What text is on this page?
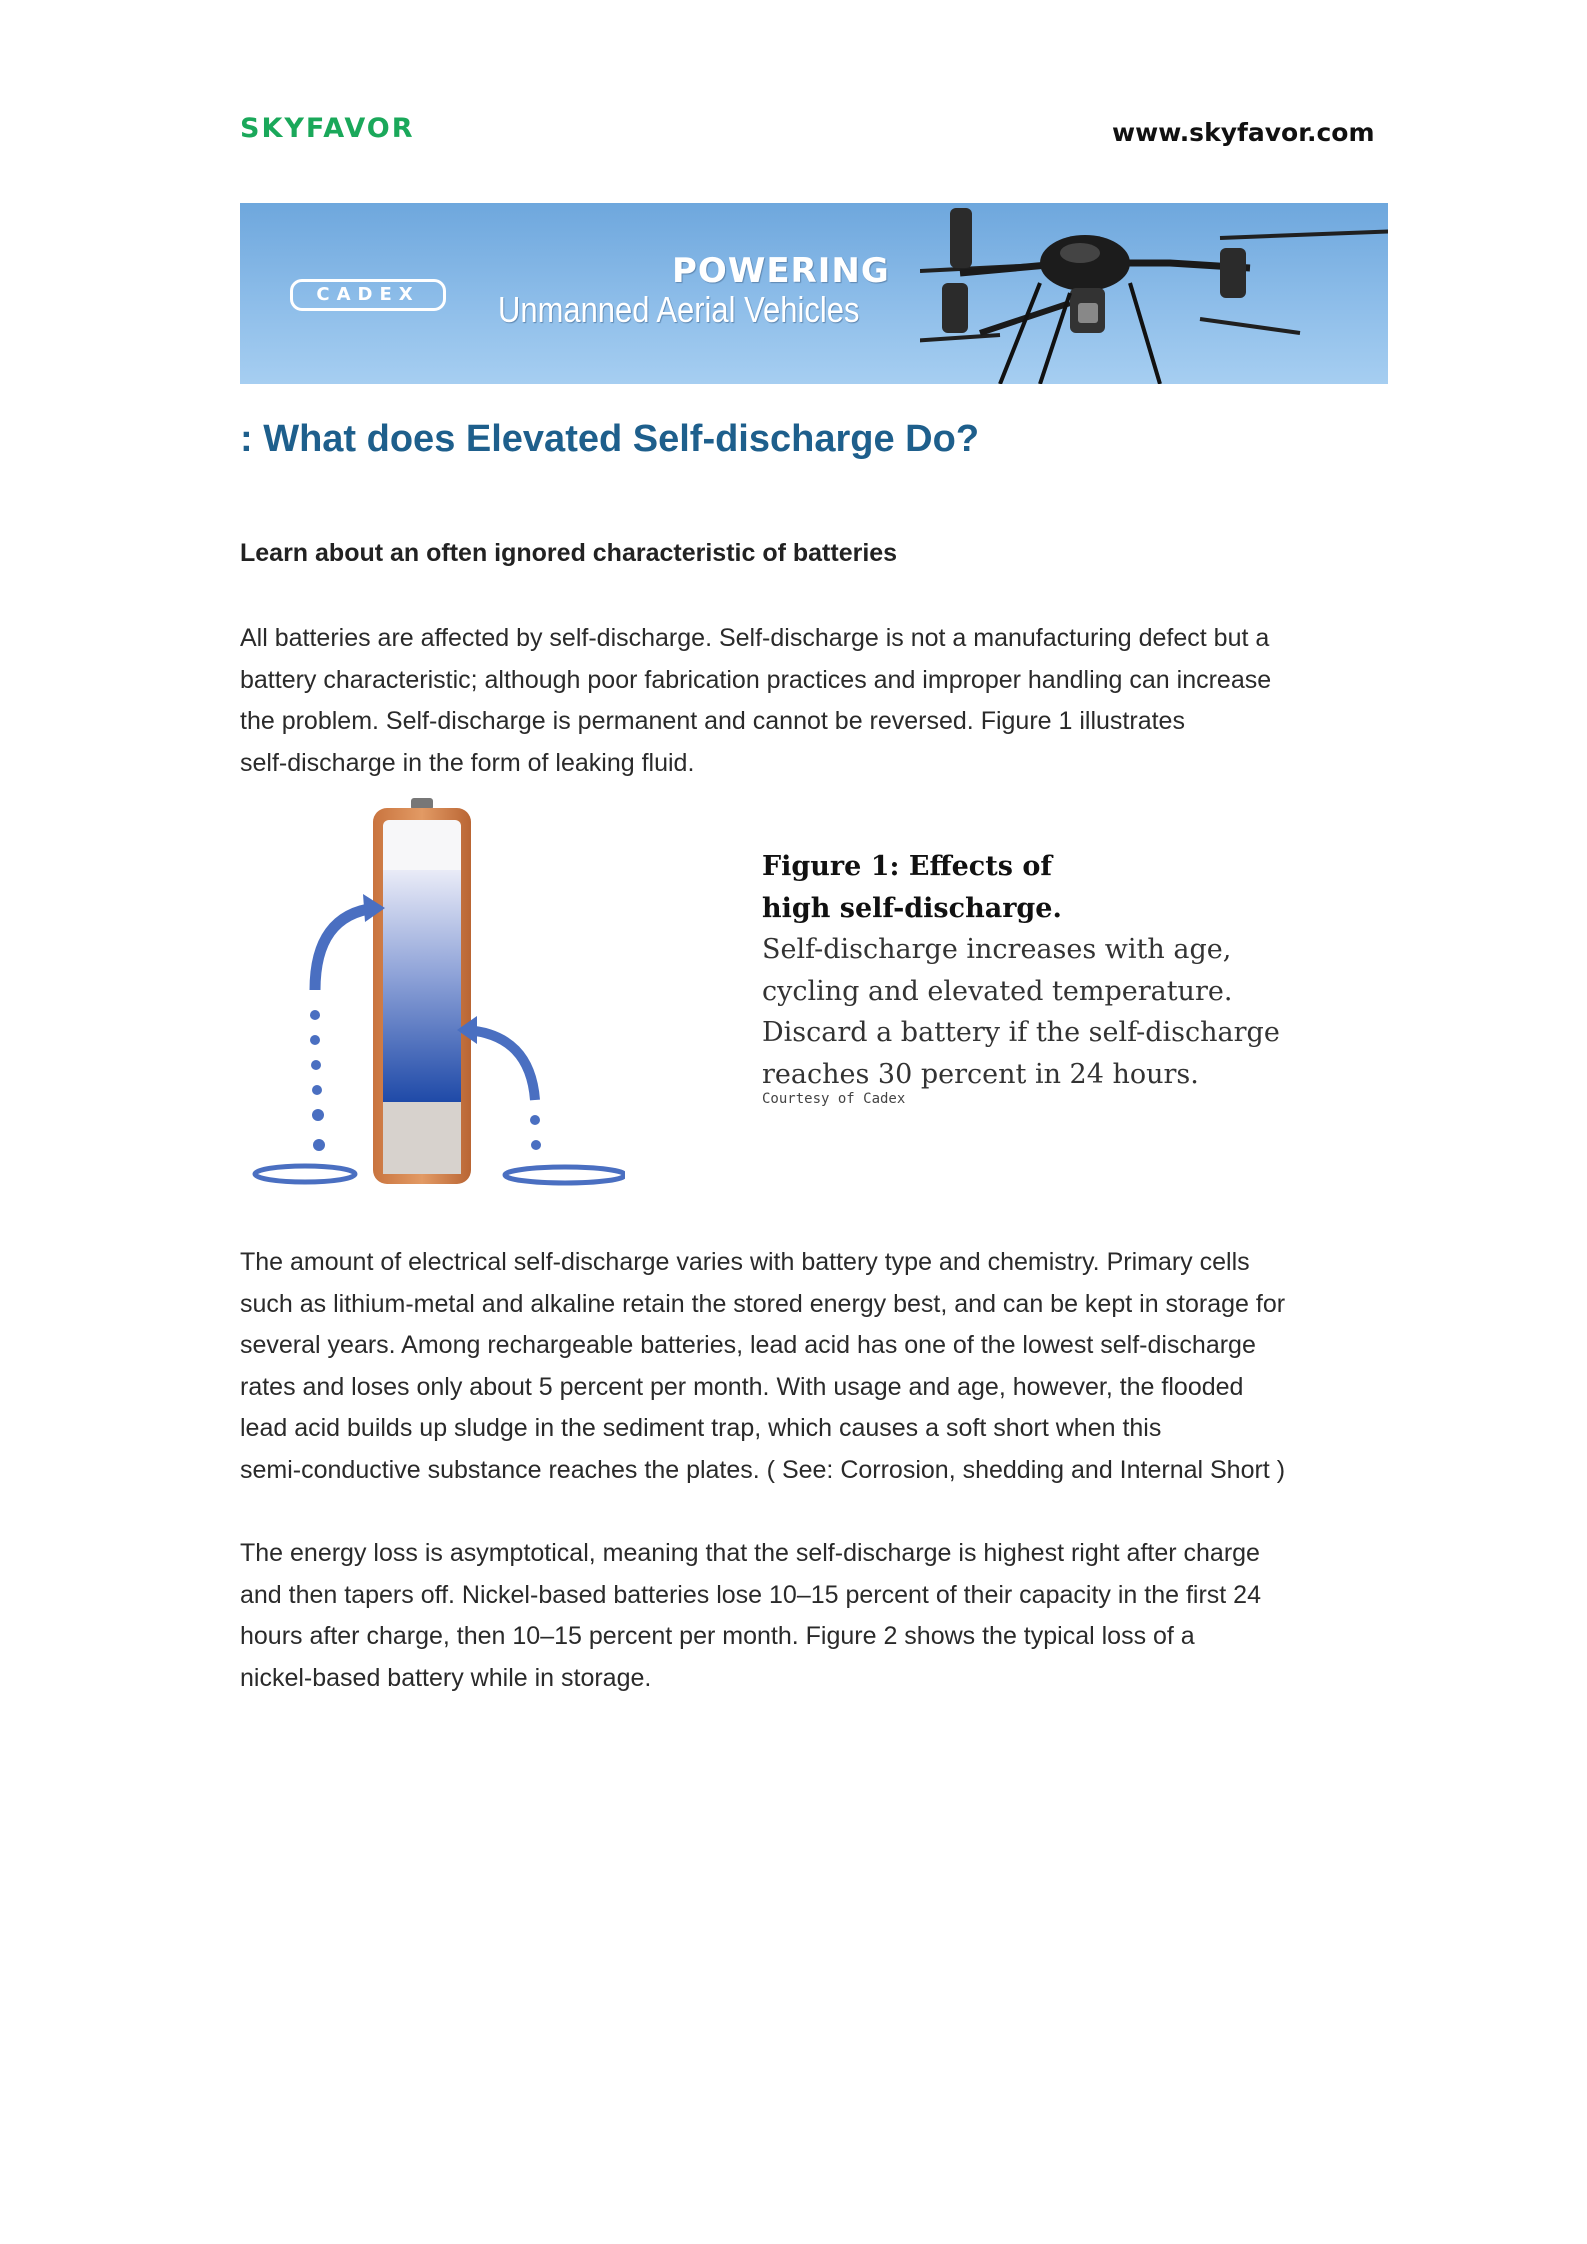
SKYFAVOR	www.skyfavor.com
CADEX
POWERING
Unmanned Aerial Vehicles
: What does Elevated Self-discharge Do?
Learn about an often ignored characteristic of batteries
All batteries are affected by self-discharge. Self-discharge is not a manufacturing defect but a
battery characteristic; although poor fabrication practices and improper handling can increase
the problem. Self-discharge is permanent and cannot be reversed. Figure 1 illustrates
self-discharge in the form of leaking fluid.
Figure 1: Effects of
high self-discharge.
Self-discharge increases with age,
cycling and elevated temperature.
Discard a battery if the self-discharge
reaches 30 percent in 24 hours.
Courtesy of Cadex
The amount of electrical self-discharge varies with battery type and chemistry. Primary cells
such as lithium-metal and alkaline retain the stored energy best, and can be kept in storage for
several years. Among rechargeable batteries, lead acid has one of the lowest self-discharge
rates and loses only about 5 percent per month. With usage and age, however, the flooded
lead acid builds up sludge in the sediment trap, which causes a soft short when this
semi-conductive substance reaches the plates. ( See: Corrosion, shedding and Internal Short )
The energy loss is asymptotical, meaning that the self-discharge is highest right after charge
and then tapers off. Nickel-based batteries lose 10–15 percent of their capacity in the first 24
hours after charge, then 10–15 percent per month. Figure 2 shows the typical loss of a
nickel-based battery while in storage.
